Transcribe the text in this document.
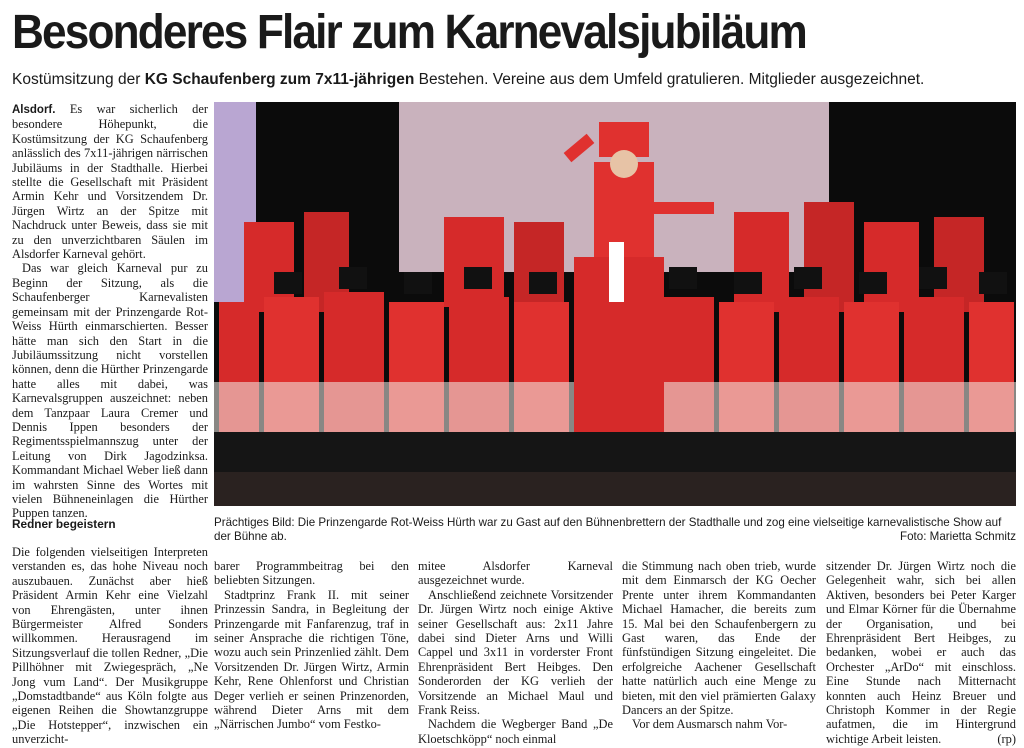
Besonderes Flair zum Karnevalsjubiläum
Kostümsitzung der KG Schaufenberg zum 7x11-jährigen Bestehen. Vereine aus dem Umfeld gratulieren. Mitglieder ausgezeichnet.

Alsdorf. Es war sicherlich der besondere Höhepunkt, die Kostümsitzung der KG Schaufenberg anlässlich des 7x11-jährigen närrischen Jubiläums in der Stadthalle. Hierbei stellte die Gesellschaft mit Präsident Armin Kehr und Vorsitzendem Dr. Jürgen Wirtz an der Spitze mit Nachdruck unter Beweis, dass sie mit zu den unverzichtbaren Säulen im Alsdorfer Karneval gehört.

Das war gleich Karneval pur zu Beginn der Sitzung, als die Schaufenberger Karnevalisten gemeinsam mit der Prinzengarde Rot-Weiss Hürth einmarschierten. Besser hätte man sich den Start in die Jubiläumssitzung nicht vorstellen können, denn die Hürther Prinzengarde hatte alles mit dabei, was Karnevalsgruppen auszeichnet: neben dem Tanzpaar Laura Cremer und Dennis Ippen besonders der Regimentsspielmannszug unter der Leitung von Dirk Jagodzinksa. Kommandant Michael Weber ließ dann im wahrsten Sinne des Wortes mit vielen Bühneneinlagen die Hürther Puppen tanzen.

Prächtiges Bild: Die Prinzengarde Rot-Weiss Hürth war zu Gast auf den Bühnenbrettern der Stadthalle und zog eine vielseitige karnevalistische Show auf der Bühne ab.	Foto: Marietta Schmitz
Redner begeistern

Die folgenden vielseitigen Interpreten verstanden es, das hohe Niveau noch auszubauen. Zunächst aber hieß Präsident Armin Kehr eine Vielzahl von Ehrengästen, unter ihnen Bürgermeister Alfred Sonders willkommen. Herausragend im Sitzungsverlauf die tollen Redner, „Die Pillhöhner mit Zwiegespräch, „Ne Jong vum Land“. Der Musikgruppe „Domstadtbande“ aus Köln folgte aus eigenen Reihen die Showtanzgruppe „Die Hotstepper“, inzwischen ein unverzicht-

barer Programmbeitrag bei den beliebten Sitzungen.

Stadtprinz Frank II. mit seiner Prinzessin Sandra, in Begleitung der Prinzengarde mit Fanfarenzug, traf in seiner Ansprache die richtigen Töne, wozu auch sein Prinzenlied zählt. Dem Vorsitzenden Dr. Jürgen Wirtz, Armin Kehr, Rene Ohlenforst und Christian Deger verlieh er seinen Prinzenorden, während Dieter Arns mit dem „Närrischen Jumbo“ vom Festko-

mitee Alsdorfer Karneval ausgezeichnet wurde.

Anschließend zeichnete Vorsitzender Dr. Jürgen Wirtz noch einige Aktive seiner Gesellschaft aus: 2x11 Jahre dabei sind Dieter Arns und Willi Cappel und 3x11 in vorderster Front Ehrenpräsident Bert Heibges. Den Sonderorden der KG verlieh der Vorsitzende an Michael Maul und Frank Reiss.

Nachdem die Wegberger Band „De Kloetschköpp“ noch einmal

die Stimmung nach oben trieb, wurde mit dem Einmarsch der KG Oecher Prente unter ihrem Kommandanten Michael Hamacher, die bereits zum 15. Mal bei den Schaufenbergern zu Gast waren, das Ende der fünfstündigen Sitzung eingeleitet. Die erfolgreiche Aachener Gesellschaft hatte natürlich auch eine Menge zu bieten, mit den viel prämierten Galaxy Dancers an der Spitze.

Vor dem Ausmarsch nahm Vor-

sitzender Dr. Jürgen Wirtz noch die Gelegenheit wahr, sich bei allen Aktiven, besonders bei Peter Karger und Elmar Körner für die Übernahme der Organisation, und bei Ehrenpräsident Bert Heibges, zu bedanken, wobei er auch das Orchester „ArDo“ mit einschloss. Eine Stunde nach Mitternacht konnten auch Heinz Breuer und Christoph Kommer in der Regie aufatmen, die im Hintergrund wichtige Arbeit leisten.	(rp)
